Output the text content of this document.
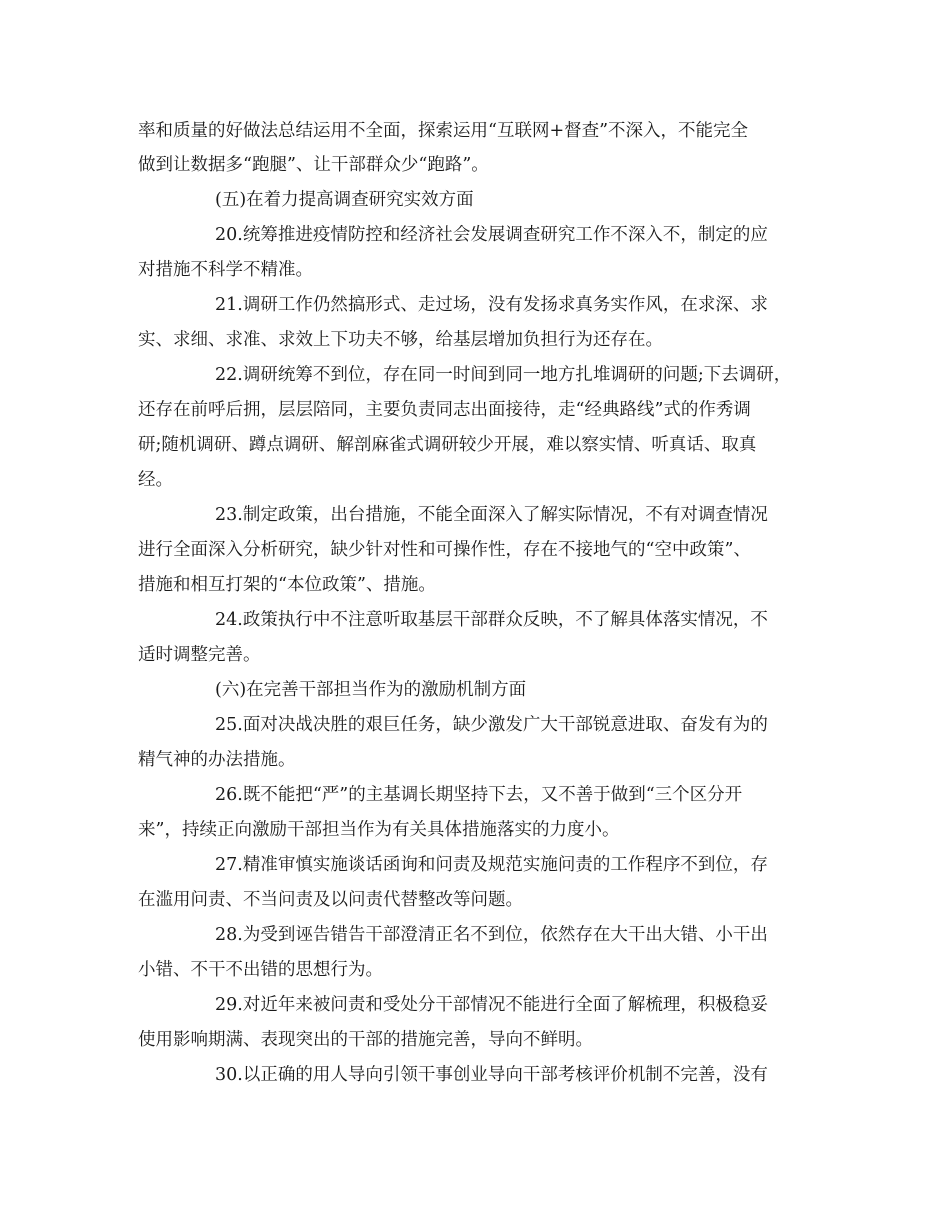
率和质量的好做法总结运用不全面，探索运用“互联网+督查”不深入，不能完全
做到让数据多“跑腿”、让干部群众少“跑路”。
(五)在着力提高调查研究实效方面
20.统筹推进疫情防控和经济社会发展调查研究工作不深入不，制定的应
对措施不科学不精准。
21.调研工作仍然搞形式、走过场，没有发扬求真务实作风，在求深、求
实、求细、求准、求效上下功夫不够，给基层增加负担行为还存在。
22.调研统筹不到位，存在同一时间到同一地方扎堆调研的问题;下去调研，
还存在前呼后拥，层层陪同，主要负责同志出面接待，走“经典路线”式的作秀调
研;随机调研、蹲点调研、解剖麻雀式调研较少开展，难以察实情、听真话、取真
经。
23.制定政策，出台措施，不能全面深入了解实际情况，不有对调查情况
进行全面深入分析研究，缺少针对性和可操作性，存在不接地气的“空中政策”、
措施和相互打架的“本位政策”、措施。
24.政策执行中不注意听取基层干部群众反映，不了解具体落实情况，不
适时调整完善。
(六)在完善干部担当作为的激励机制方面
25.面对决战决胜的艰巨任务，缺少激发广大干部锐意进取、奋发有为的
精气神的办法措施。
26.既不能把“严”的主基调长期坚持下去，又不善于做到“三个区分开
来”，持续正向激励干部担当作为有关具体措施落实的力度小。
27.精准审慎实施谈话函询和问责及规范实施问责的工作程序不到位，存
在滥用问责、不当问责及以问责代替整改等问题。
28.为受到诬告错告干部澄清正名不到位，依然存在大干出大错、小干出
小错、不干不出错的思想行为。
29.对近年来被问责和受处分干部情况不能进行全面了解梳理，积极稳妥
使用影响期满、表现突出的干部的措施完善，导向不鲜明。
30.以正确的用人导向引领干事创业导向干部考核评价机制不完善，没有
